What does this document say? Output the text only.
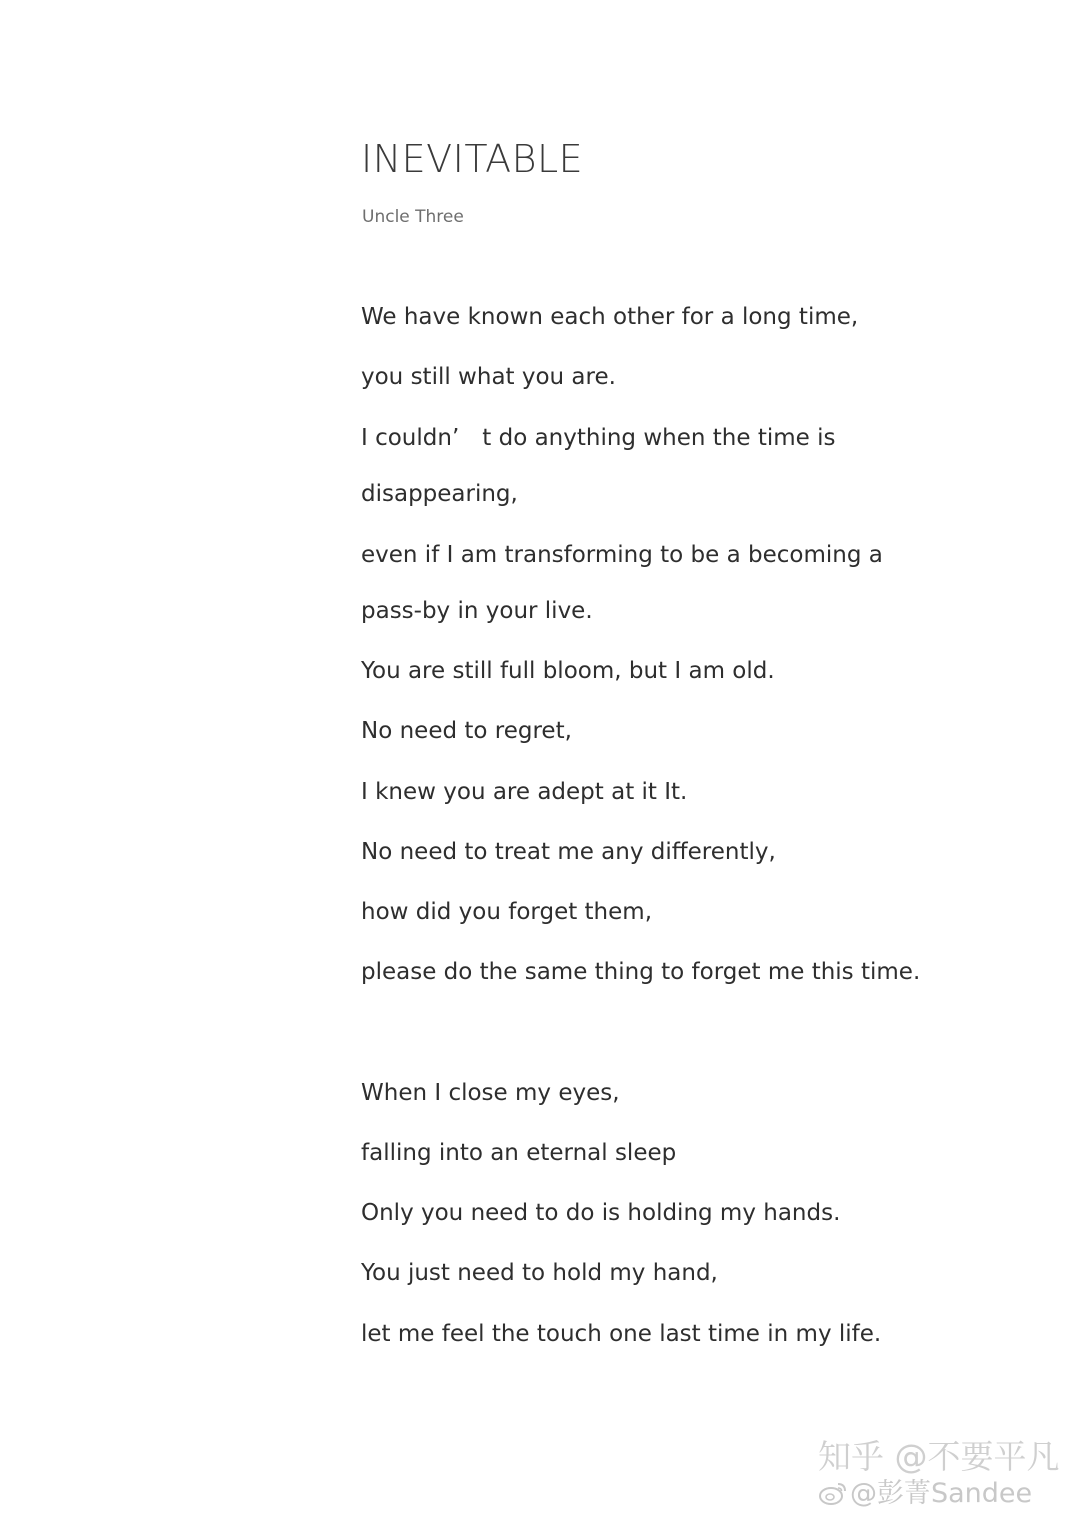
INEVITABLE
Uncle Three

We have known each other for a long time,

you still what you are.

I couldn’　t do anything when the time is

disappearing,

even if I am transforming to be a becoming a

pass-by in your live.

You are still full bloom, but I am old.

No need to regret,

I knew you are adept at it It.

No need to treat me any differently,

how did you forget them,

please do the same thing to forget me this time.

When I close my eyes,

falling into an eternal sleep

Only you need to do is holding my hands.

You just need to hold my hand,

let me feel the touch one last time in my life.

知乎 @不要平凡
@彭菁Sandee
